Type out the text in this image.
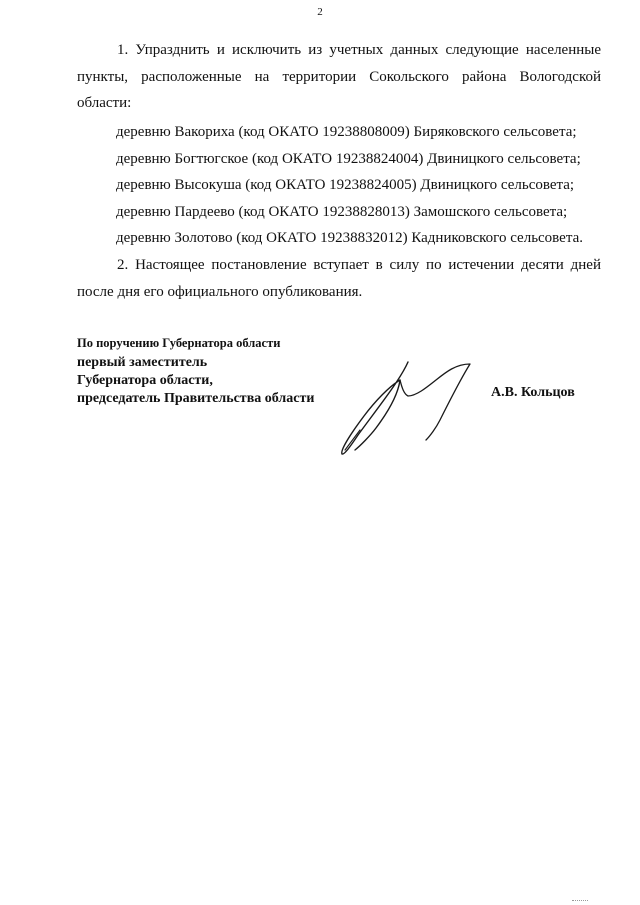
2
1. Упразднить и исключить из учетных данных следующие населенные пункты, расположенные на территории Сокольского района Вологодской области:
деревню Вакориха (код ОКАТО 19238808009) Биряковского сельсовета;
деревню Богтюгское (код ОКАТО 19238824004) Двиницкого сельсовета;
деревню Высокуша (код ОКАТО 19238824005) Двиницкого сельсовета;
деревню Пардеево (код ОКАТО 19238828013) Замошского сельсовета;
деревню Золотово (код ОКАТО 19238832012) Кадниковского сельсовета.
2. Настоящее постановление вступает в силу по истечении десяти дней после дня его официального опубликования.
По поручению Губернатора области
первый заместитель
Губернатора области,
председатель Правительства области	А.В. Кольцов
